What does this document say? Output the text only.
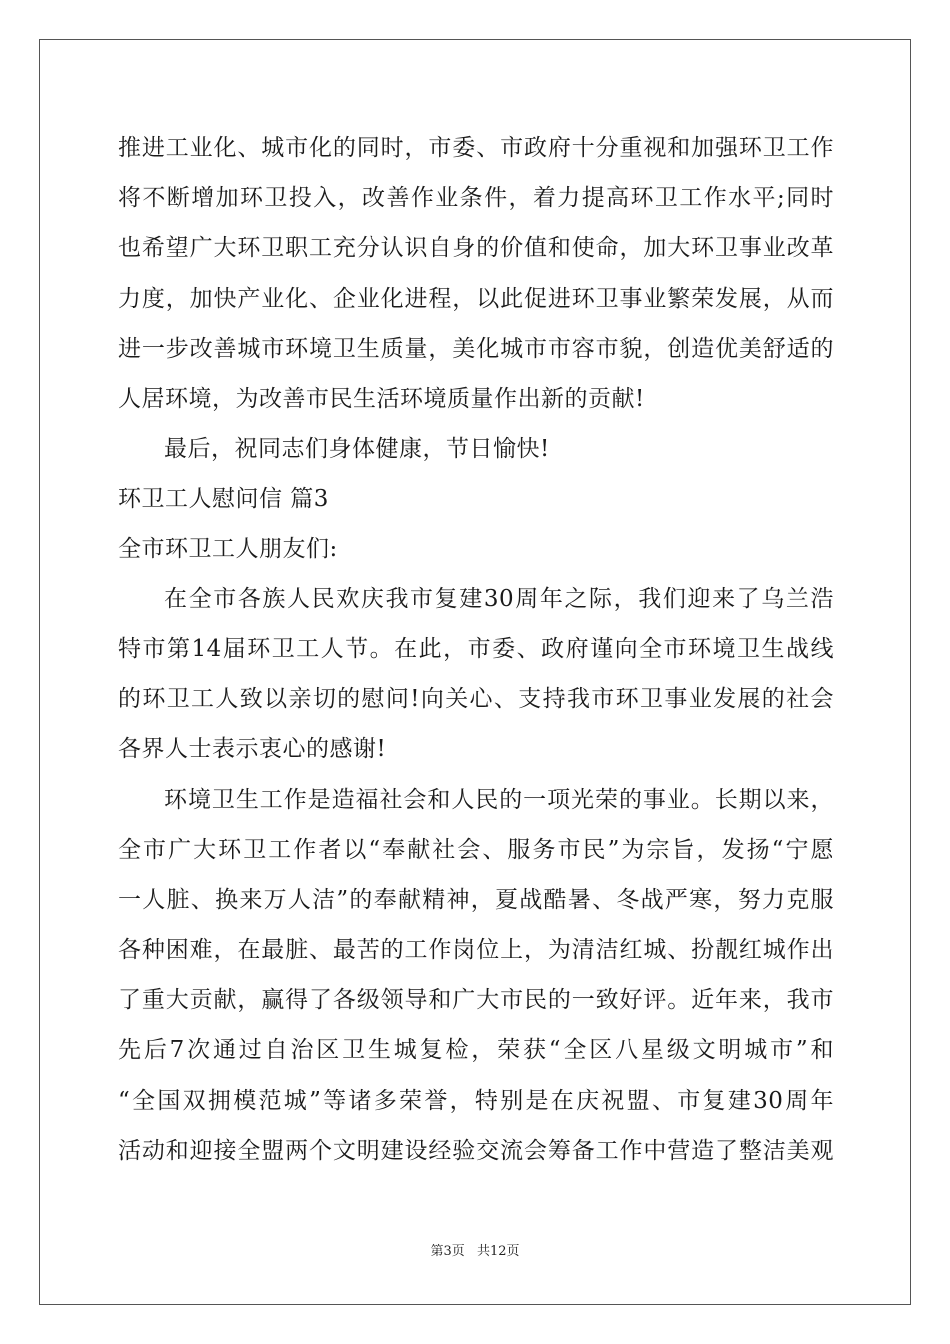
推进工业化、城市化的同时，市委、市政府十分重视和加强环卫工作
将不断增加环卫投入，改善作业条件，着力提高环卫工作水平;同时
也希望广大环卫职工充分认识自身的价值和使命，加大环卫事业改革
力度，加快产业化、企业化进程，以此促进环卫事业繁荣发展，从而
进一步改善城市环境卫生质量，美化城市市容市貌，创造优美舒适的
人居环境，为改善市民生活环境质量作出新的贡献!
最后，祝同志们身体健康，节日愉快!
环卫工人慰问信 篇3
全市环卫工人朋友们:
在全市各族人民欢庆我市复建30周年之际，我们迎来了乌兰浩
特市第14届环卫工人节。在此，市委、政府谨向全市环境卫生战线
的环卫工人致以亲切的慰问!向关心、支持我市环卫事业发展的社会
各界人士表示衷心的感谢!
环境卫生工作是造福社会和人民的一项光荣的事业。长期以来，
全市广大环卫工作者以“奉献社会、服务市民”为宗旨，发扬“宁愿
一人脏、换来万人洁”的奉献精神，夏战酷暑、冬战严寒，努力克服
各种困难，在最脏、最苦的工作岗位上，为清洁红城、扮靓红城作出
了重大贡献，赢得了各级领导和广大市民的一致好评。近年来，我市
先后7次通过自治区卫生城复检，荣获“全区八星级文明城市”和
“全国双拥模范城”等诸多荣誉，特别是在庆祝盟、市复建30周年
活动和迎接全盟两个文明建设经验交流会筹备工作中营造了整洁美观
第3页 共12页
